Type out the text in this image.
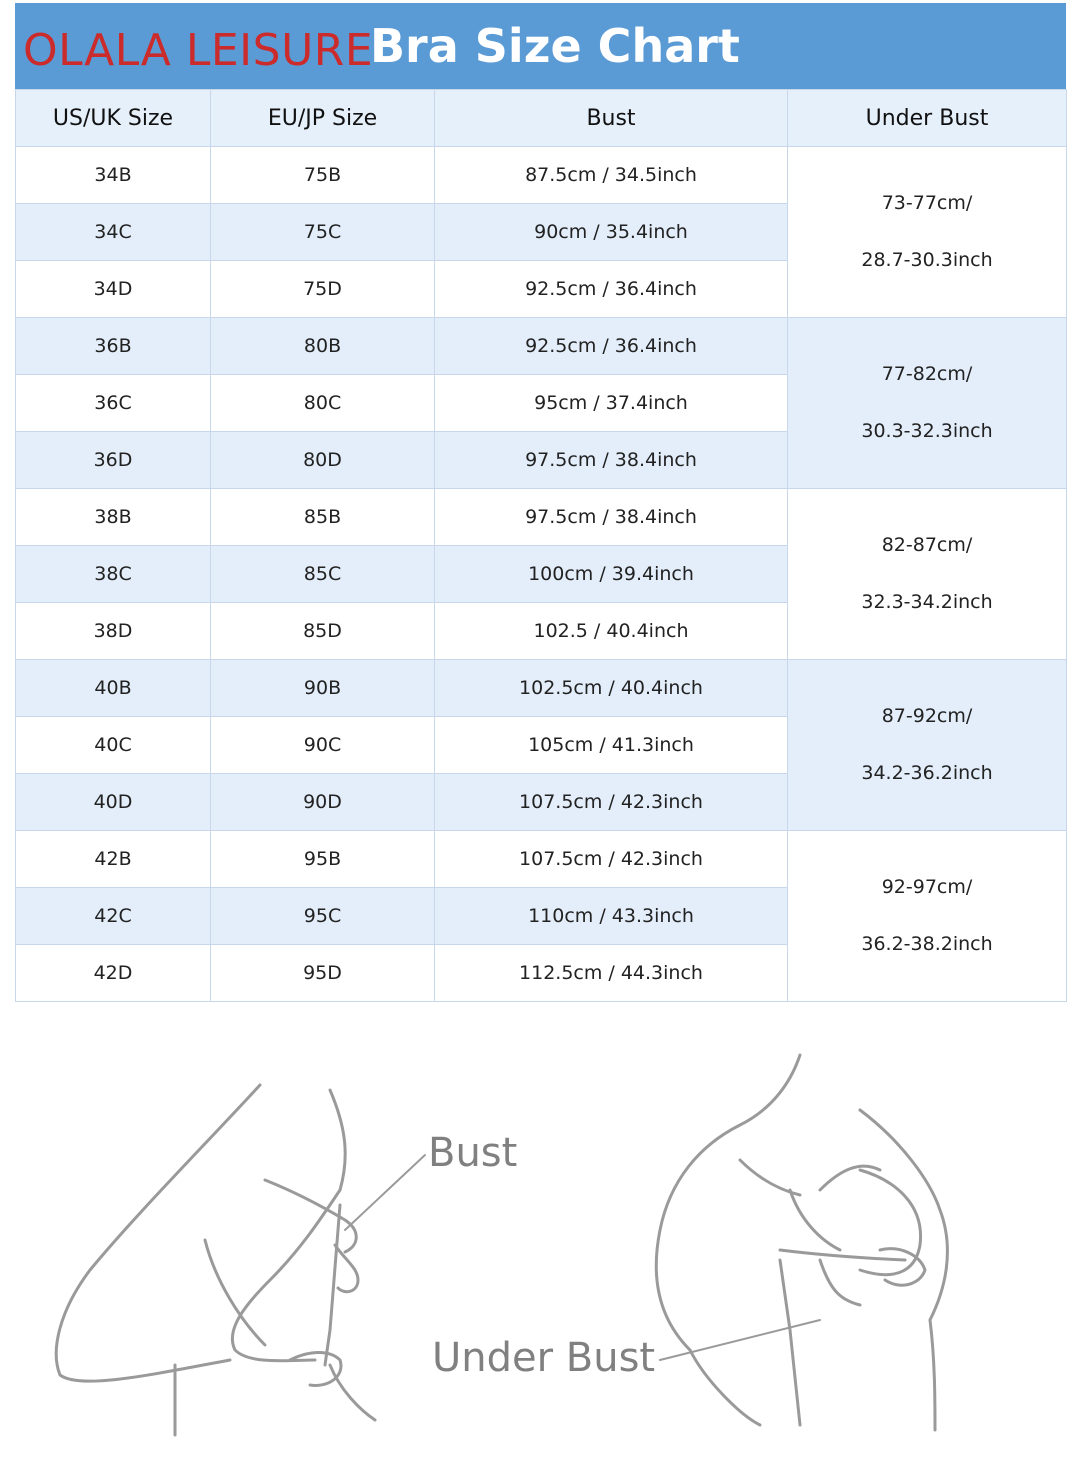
OLALA LEISURE
Bra Size Chart
US/UK Size	EU/JP Size	Bust	Under Bust
34B	75B	87.5cm / 34.5inch	73-77cm/
28.7-30.3inch

34C	75C	90cm / 35.4inch	
34D	75D	92.5cm / 36.4inch	
36B	80B	92.5cm / 36.4inch	77-82cm/
30.3-32.3inch

36C	80C	95cm / 37.4inch	
36D	80D	97.5cm / 38.4inch	
38B	85B	97.5cm / 38.4inch	82-87cm/
32.3-34.2inch

38C	85C	100cm / 39.4inch	
38D	85D	102.5 / 40.4inch	
40B	90B	102.5cm / 40.4inch	87-92cm/
34.2-36.2inch

40C	90C	105cm / 41.3inch	
40D	90D	107.5cm / 42.3inch	
42B	95B	107.5cm / 42.3inch	92-97cm/
36.2-38.2inch

42C	95C	110cm / 43.3inch	
42D	95D	112.5cm / 44.3inch	
Bust
Under Bust
